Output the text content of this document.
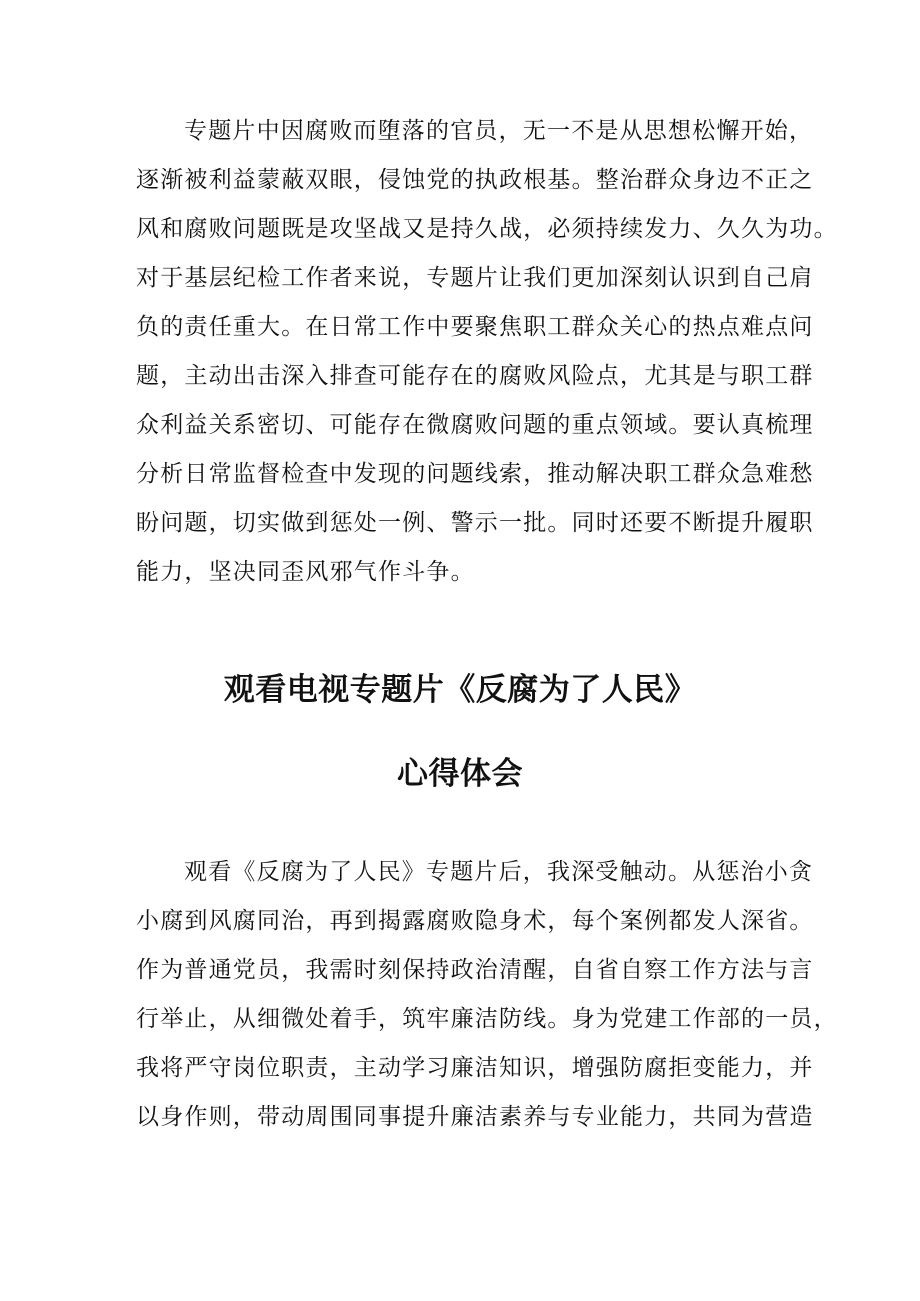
专题片中因腐败而堕落的官员，无一不是从思想松懈开始，
逐渐被利益蒙蔽双眼，侵蚀党的执政根基。整治群众身边不正之
风和腐败问题既是攻坚战又是持久战，必须持续发力、久久为功。
对于基层纪检工作者来说，专题片让我们更加深刻认识到自己肩
负的责任重大。在日常工作中要聚焦职工群众关心的热点难点问
题，主动出击深入排查可能存在的腐败风险点，尤其是与职工群
众利益关系密切、可能存在微腐败问题的重点领域。要认真梳理
分析日常监督检查中发现的问题线索，推动解决职工群众急难愁
盼问题，切实做到惩处一例、警示一批。同时还要不断提升履职
能力，坚决同歪风邪气作斗争。
观看电视专题片《反腐为了人民》
心得体会
观看《反腐为了人民》专题片后，我深受触动。从惩治小贪
小腐到风腐同治，再到揭露腐败隐身术，每个案例都发人深省。
作为普通党员，我需时刻保持政治清醒，自省自察工作方法与言
行举止，从细微处着手，筑牢廉洁防线。身为党建工作部的一员，
我将严守岗位职责，主动学习廉洁知识，增强防腐拒变能力，并
以身作则，带动周围同事提升廉洁素养与专业能力，共同为营造
